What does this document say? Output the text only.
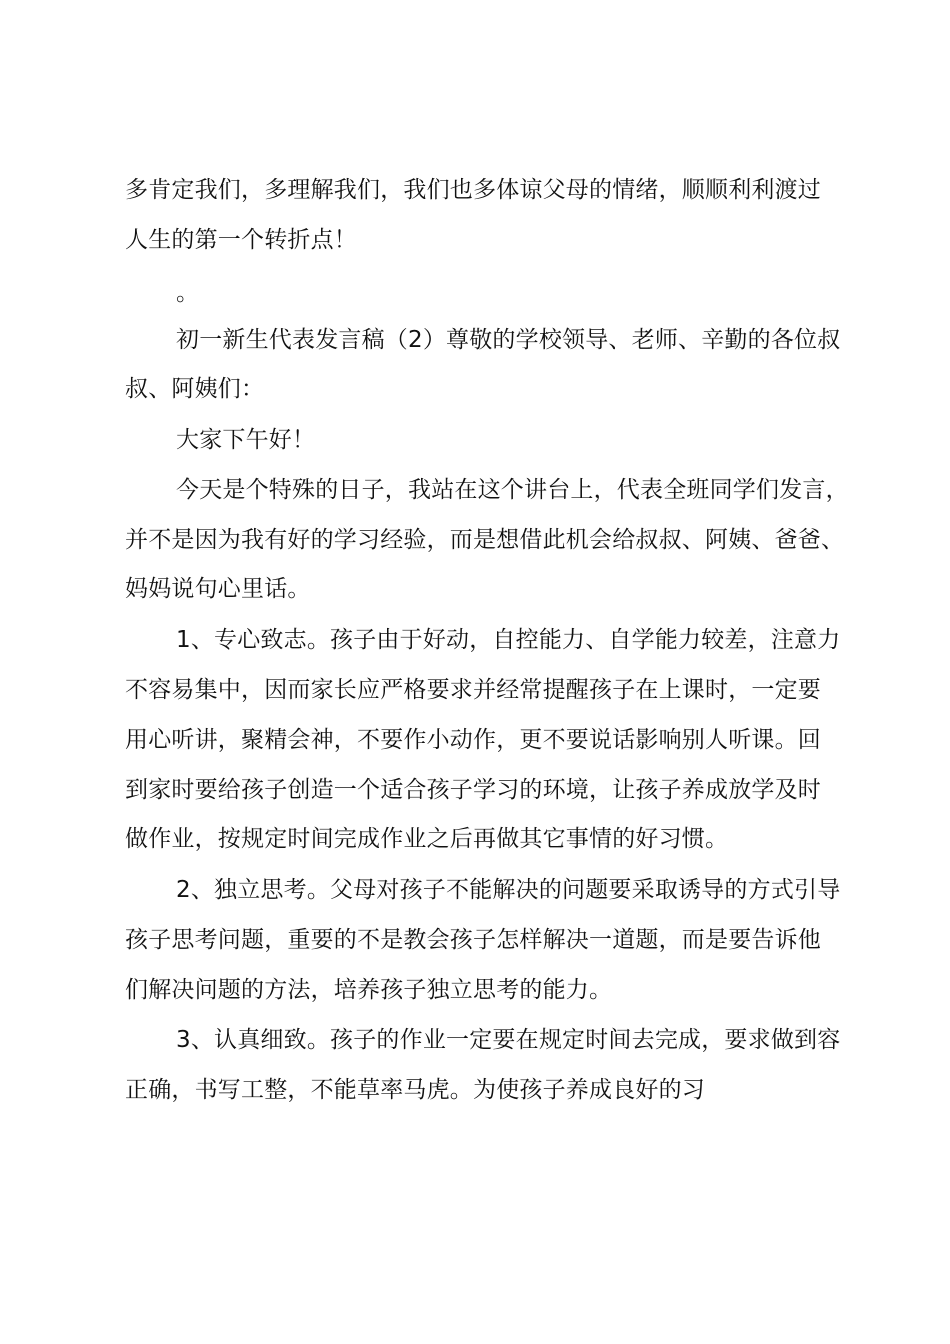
多肯定我们，多理解我们，我们也多体谅父母的情绪，顺顺利利渡过
人生的第一个转折点！
。
初一新生代表发言稿（2）尊敬的学校领导、老师、辛勤的各位叔
叔、阿姨们：
大家下午好！
今天是个特殊的日子，我站在这个讲台上，代表全班同学们发言，
并不是因为我有好的学习经验，而是想借此机会给叔叔、阿姨、爸爸、
妈妈说句心里话。
1、专心致志。孩子由于好动，自控能力、自学能力较差，注意力
不容易集中，因而家长应严格要求并经常提醒孩子在上课时，一定要
用心听讲，聚精会神，不要作小动作，更不要说话影响别人听课。回
到家时要给孩子创造一个适合孩子学习的环境，让孩子养成放学及时
做作业，按规定时间完成作业之后再做其它事情的好习惯。
2、独立思考。父母对孩子不能解决的问题要采取诱导的方式引导
孩子思考问题，重要的不是教会孩子怎样解决一道题，而是要告诉他
们解决问题的方法，培养孩子独立思考的能力。
3、认真细致。孩子的作业一定要在规定时间去完成，要求做到容
正确，书写工整，不能草率马虎。为使孩子养成良好的习
